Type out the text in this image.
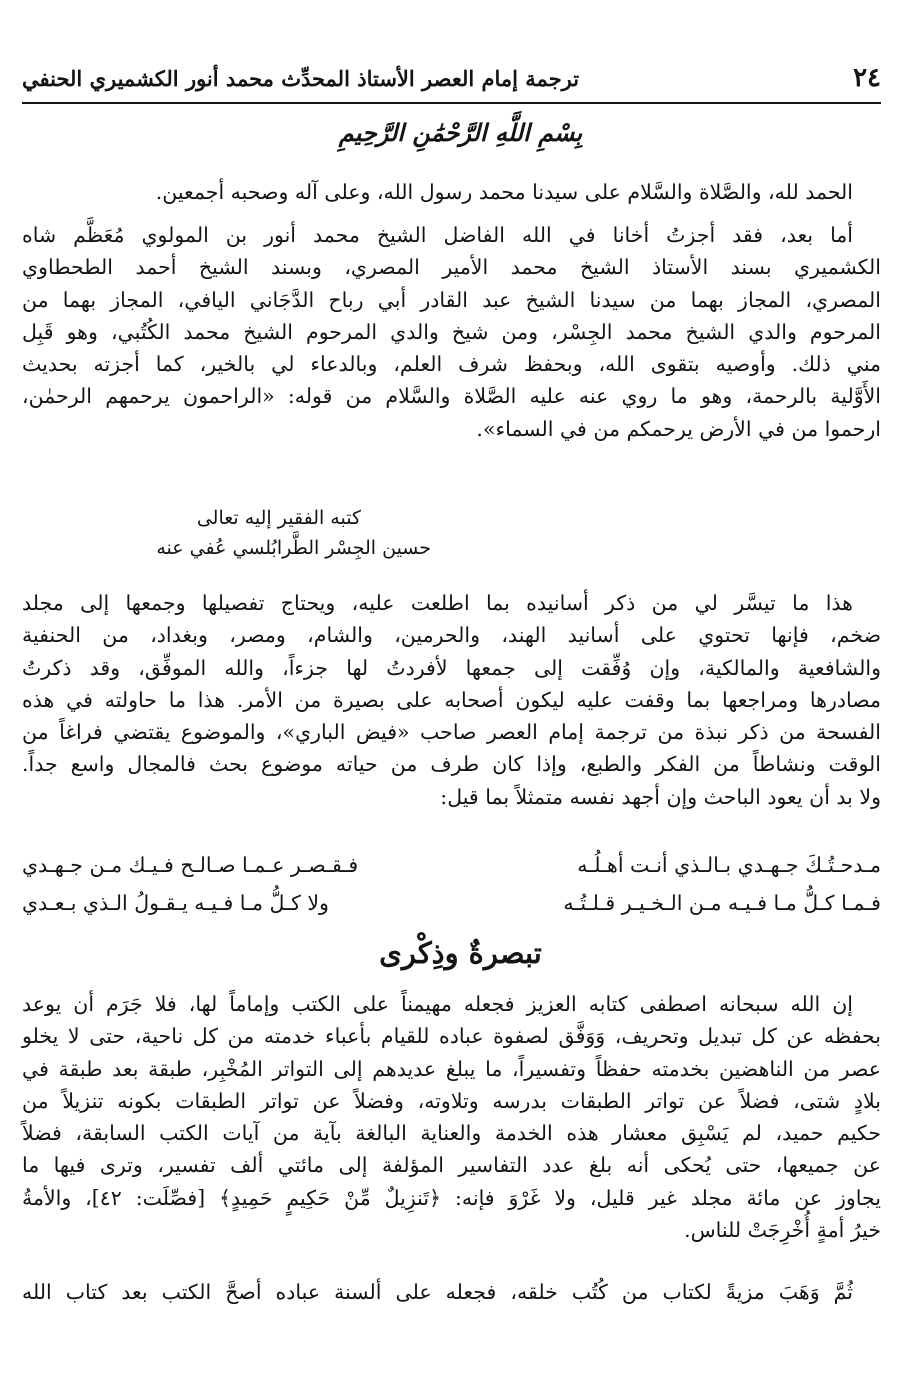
٢٤
ترجمة إمام العصر الأستاذ المحدِّث محمد أنور الكشميري الحنفي
بِسْمِ اللَّهِ الرَّحْمَٰنِ الرَّحِيمِ
الحمد لله، والصَّلاة والسَّلام على سيدنا محمد رسول الله، وعلى آله وصحبه أجمعين.
أما بعد، فقد أجزتُ أخانا في الله الفاضل الشيخ محمد أنور بن المولوي مُعَظَّم شاه
الكشميري بسند الأستاذ الشيخ محمد الأمير المصري، وبسند الشيخ أحمد الطحطاوي
المصري، المجاز بهما من سيدنا الشيخ عبد القادر أبي رباح الدَّجَاني اليافي، المجاز بهما من
المرحوم والدي الشيخ محمد الجِسْر، ومن شيخ والدي المرحوم الشيخ محمد الكُتُبي، وهو قَبِل
مني ذلك. وأوصيه بتقوى الله، وبحفظ شرف العلم، وبالدعاء لي بالخير، كما أجزته بحديث
الأَوَّلية بالرحمة، وهو ما روي عنه عليه الصَّلاة والسَّلام من قوله: «الراحمون يرحمهم الرحمٰن،
ارحموا من في الأرض يرحمكم من في السماء».
كتبه الفقير إليه تعالى
حسين الجِسْر الطَّرابُلسي عُفي عنه
هذا ما تيسَّر لي من ذكر أسانيده بما اطلعت عليه، ويحتاج تفصيلها وجمعها إلى مجلد
ضخم، فإنها تحتوي على أسانيد الهند، والحرمين، والشام، ومصر، وبغداد، من الحنفية
والشافعية والمالكية، وإن وُفِّقت إلى جمعها لأفردتُ لها جزءاً، والله الموفِّق، وقد ذكرتُ
مصادرها ومراجعها بما وقفت عليه ليكون أصحابه على بصيرة من الأمر. هذا ما حاولته في هذه
الفسحة من ذكر نبذة من ترجمة إمام العصر صاحب «فيض الباري»، والموضوع يقتضي فراغاً من
الوقت ونشاطاً من الفكر والطبع، وإذا كان طرف من حياته موضوع بحث فالمجال واسع جداً.
ولا بد أن يعود الباحث وإن أجهد نفسه متمثلاً بما قيل:
مـدحـتُـكَ جـهـدي بـالـذي أنـت أهـلُـه
فـقـصـر عـمـا صـالـح فـيـك مـن جـهـدي
فـمـا كـلُّ مـا فـيـه مـن الـخـيـر قـلـتُـه
ولا كـلُّ مـا فـيـه يـقـولُ الـذي بـعـدي
تبصرةٌ وذِكْرى
إن الله سبحانه اصطفى كتابه العزيز فجعله مهيمناً على الكتب وإماماً لها، فلا جَرَم أن يوعد
بحفظه عن كل تبديل وتحريف، وَوَفَّق لصفوة عباده للقيام بأعباء خدمته من كل ناحية، حتى لا يخلو
عصر من الناهضين بخدمته حفظاً وتفسيراً، ما يبلغ عديدهم إلى التواتر المُخْبِر، طبقة بعد طبقة في
بلادٍ شتى، فضلاً عن تواتر الطبقات بدرسه وتلاوته، وفضلاً عن تواتر الطبقات بكونه تنزيلاً من
حكيم حميد، لم يَسْبِق معشار هذه الخدمة والعناية البالغة بآية من آيات الكتب السابقة، فضلاً
عن جميعها، حتى يُحكى أنه بلغ عدد التفاسير المؤلفة إلى مائتي ألف تفسير، وترى فيها ما
يجاوز عن مائة مجلد غير قليل، ولا غَرْوَ فإنه: ﴿تَنزِيلٌ مِّنْ حَكِيمٍ حَمِيدٍ﴾ [فصِّلَت: ٤٢]، والأمةُ
خيرُ أمةٍ أُخْرِجَتْ للناس.
ثُمَّ وَهَبَ مزيةً لكتاب من كُتُب خلقه، فجعله على ألسنة عباده أصحَّ الكتب بعد كتاب الله
